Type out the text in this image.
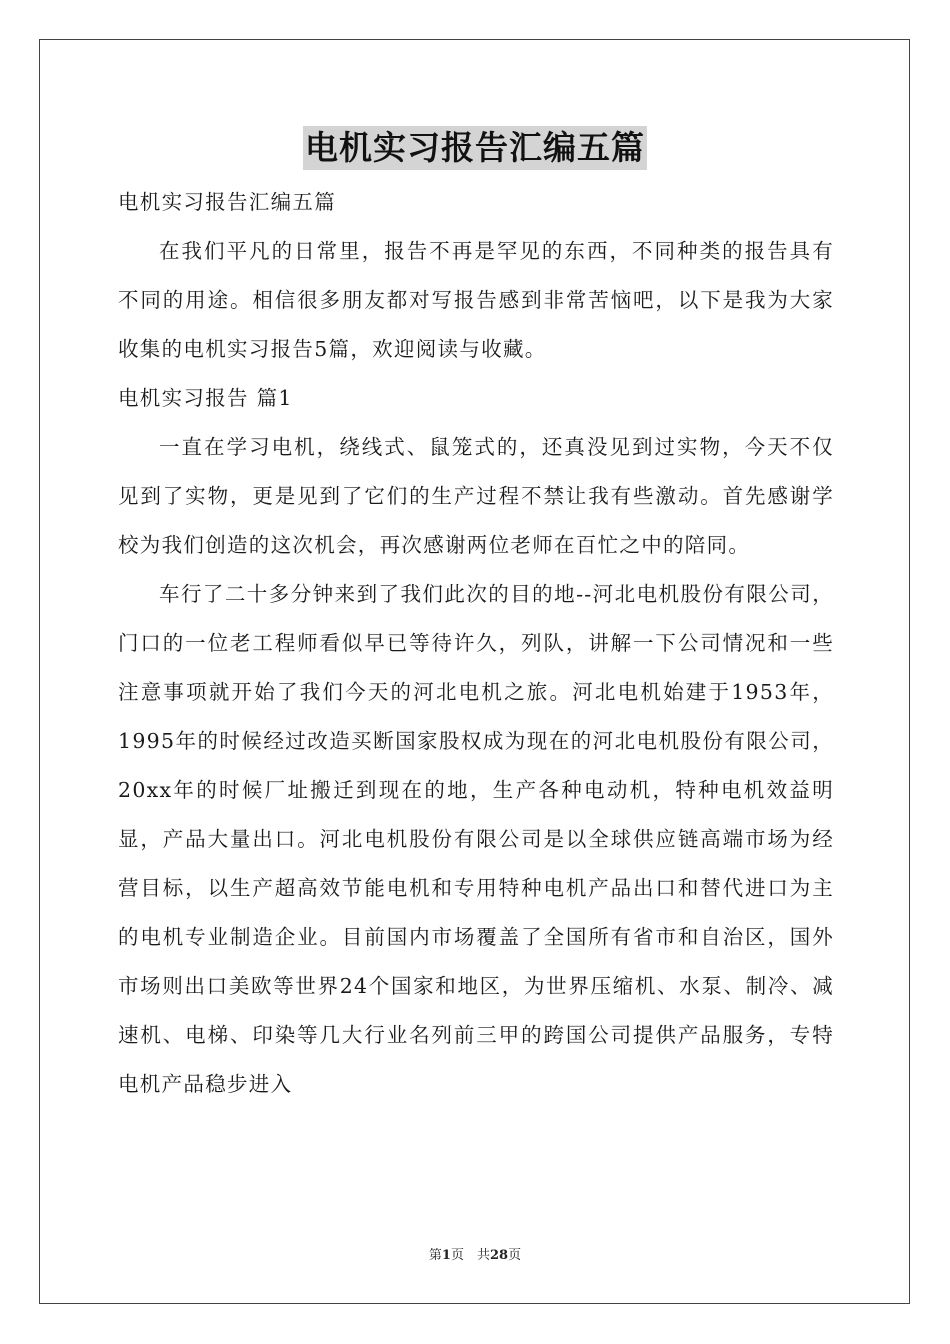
电机实习报告汇编五篇

电机实习报告汇编五篇

在我们平凡的日常里，报告不再是罕见的东西，不同种类的报告具有不同的用途。相信很多朋友都对写报告感到非常苦恼吧，以下是我为大家收集的电机实习报告5篇，欢迎阅读与收藏。

电机实习报告 篇1

一直在学习电机，绕线式、鼠笼式的，还真没见到过实物，今天不仅见到了实物，更是见到了它们的生产过程不禁让我有些激动。首先感谢学校为我们创造的这次机会，再次感谢两位老师在百忙之中的陪同。

车行了二十多分钟来到了我们此次的目的地--河北电机股份有限公司，门口的一位老工程师看似早已等待许久，列队，讲解一下公司情况和一些注意事项就开始了我们今天的河北电机之旅。河北电机始建于1953年，1995年的时候经过改造买断国家股权成为现在的河北电机股份有限公司，20xx年的时候厂址搬迁到现在的地，生产各种电动机，特种电机效益明显，产品大量出口。河北电机股份有限公司是以全球供应链高端市场为经营目标，以生产超高效节能电机和专用特种电机产品出口和替代进口为主的电机专业制造企业。目前国内市场覆盖了全国所有省市和自治区，国外市场则出口美欧等世界24个国家和地区，为世界压缩机、水泵、制冷、减速机、电梯、印染等几大行业名列前三甲的跨国公司提供产品服务，专特电机产品稳步进入

第1页　共28页
